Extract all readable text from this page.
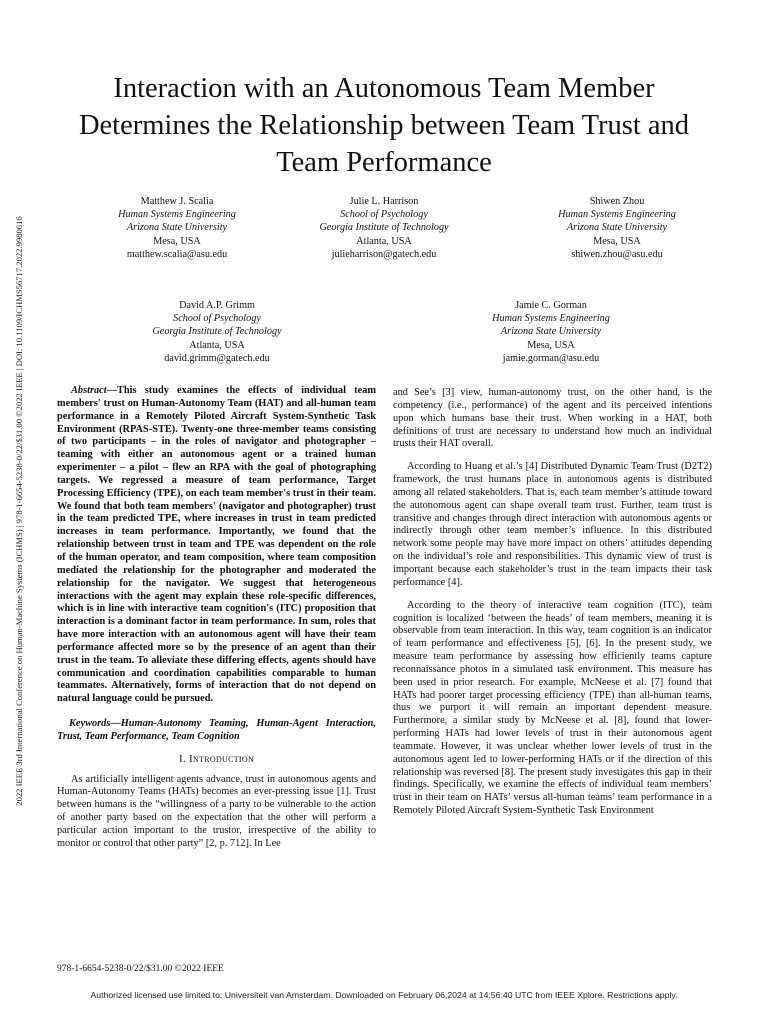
2022 IEEE 3rd International Conference on Human-Machine Systems (ICHMS) | 978-1-6654-5238-0/22/$31.00 ©2022 IEEE | DOI: 10.1109/ICHMS56717.2022.9980616
Interaction with an Autonomous Team Member
Determines the Relationship between Team Trust and
Team Performance
Matthew J. Scalia
Human Systems Engineering
Arizona State University
Mesa, USA
matthew.scalia@asu.edu
Julie L. Harrison
School of Psychology
Georgia Institute of Technology
Atlanta, USA
julieharrison@gatech.edu
Shiwen Zhou
Human Systems Engineering
Arizona State University
Mesa, USA
shiwen.zhou@asu.edu
David A.P. Grimm
School of Psychology
Georgia Institute of Technology
Atlanta, USA
david.grimm@gatech.edu
Jamie C. Gorman
Human Systems Engineering
Arizona State University
Mesa, USA
jamie.gorman@asu.edu

Abstract—This study examines the effects of individual team members' trust on Human-Autonomy Team (HAT) and all-human team performance in a Remotely Piloted Aircraft System-Synthetic Task Environment (RPAS-STE). Twenty-one three-member teams consisting of two participants – in the roles of navigator and photographer – teaming with either an autonomous agent or a trained human experimenter – a pilot – flew an RPA with the goal of photographing targets. We regressed a measure of team performance, Target Processing Efficiency (TPE), on each team member's trust in their team. We found that both team members' (navigator and photographer) trust in the team predicted TPE, where increases in trust in team predicted increases in team performance. Importantly, we found that the relationship between trust in team and TPE was dependent on the role of the human operator, and team composition, where team composition mediated the relationship for the photographer and moderated the relationship for the navigator. We suggest that heterogeneous interactions with the agent may explain these role-specific differences, which is in line with interactive team cognition's (ITC) proposition that interaction is a dominant factor in team performance. In sum, roles that have more interaction with an autonomous agent will have their team performance affected more so by the presence of an agent than their trust in the team. To alleviate these differing effects, agents should have communication and coordination capabilities comparable to human teammates. Alternatively, forms of interaction that do not depend on natural language could be pursued.

Keywords—Human-Autonomy Teaming, Human-Agent Interaction, Trust, Team Performance, Team Cognition

I. Introduction

As artificially intelligent agents advance, trust in autonomous agents and Human-Autonomy Teams (HATs) becomes an ever-pressing issue [1]. Trust between humans is the “willingness of a party to be vulnerable to the action of another party based on the expectation that the other will perform a particular action important to the trustor, irrespective of the ability to monitor or control that other party” [2, p. 712]. In Lee

and See’s [3] view, human-autonomy trust, on the other hand, is the competency (i.e., performance) of the agent and its perceived intentions upon which humans base their trust. When working in a HAT, both definitions of trust are necessary to understand how much an individual trusts their HAT overall.

According to Huang et al.’s [4] Distributed Dynamic Team Trust (D2T2) framework, the trust humans place in autonomous agents is distributed among all related stakeholders. That is, each team member’s attitude toward the autonomous agent can shape overall team trust. Further, team trust is transitive and changes through direct interaction with autonomous agents or indirectly through other team member’s influence. In this distributed network some people may have more impact on others’ attitudes depending on the individual’s role and responsibilities. This dynamic view of trust is important because each stakeholder’s trust in the team impacts their task performance [4].

According to the theory of interactive team cognition (ITC), team cognition is localized ‘between the heads’ of team members, meaning it is observable from team interaction. In this way, team cognition is an indicator of team performance and effectiveness [5], [6]. In the present study, we measure team performance by assessing how efficiently teams capture reconnaissance photos in a simulated task environment. This measure has been used in prior research. For example, McNeese et al. [7] found that HATs had poorer target processing efficiency (TPE) than all-human teams, thus we purport it will remain an important dependent measure. Furthermore, a similar study by McNeese et al. [8], found that lower-performing HATs had lower levels of trust in their autonomous agent teammate. However, it was unclear whether lower levels of trust in the autonomous agent led to lower-performing HATs or if the direction of this relationship was reversed [8]. The present study investigates this gap in their findings. Specifically, we examine the effects of individual team members’ trust in their team on HATs’ versus all-human teams’ team performance in a Remotely Piloted Aircraft System-Synthetic Task Environment

978-1-6654-5238-0/22/$31.00 ©2022 IEEE
Authorized licensed use limited to: Universiteit van Amsterdam. Downloaded on February 06,2024 at 14:56:40 UTC from IEEE Xplore. Restrictions apply.
